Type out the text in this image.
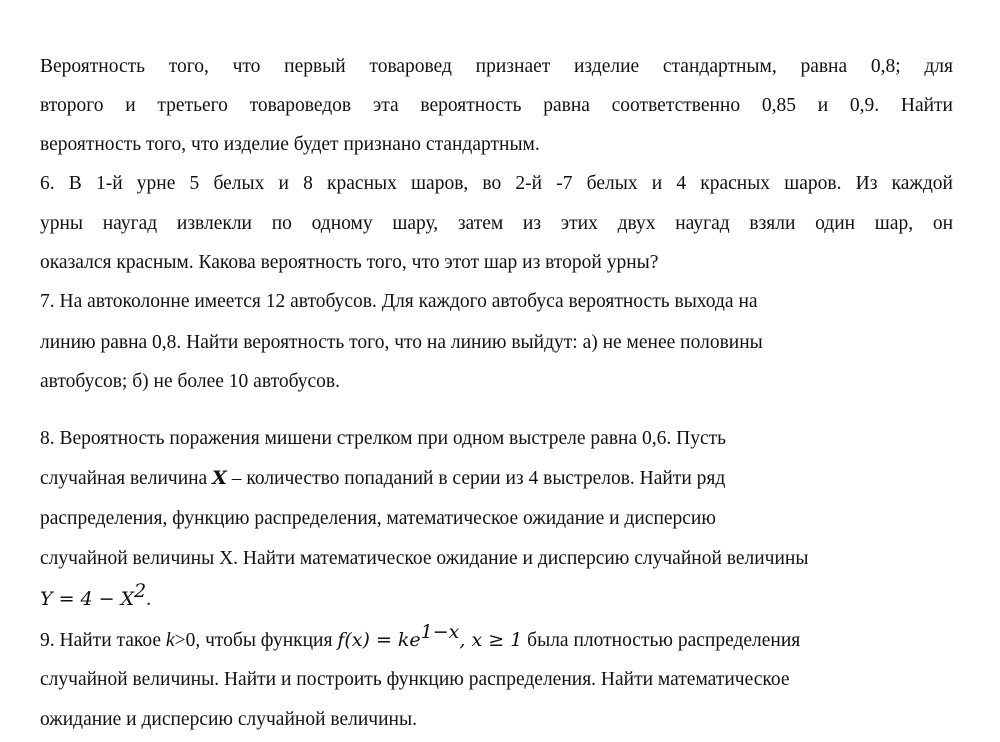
Вероятность того, что первый товаровед признает изделие стандартным, равна 0,8; для
второго и третьего товароведов эта вероятность равна соответственно 0,85 и 0,9. Найти
вероятность того, что изделие будет признано стандартным.
6. В 1-й урне 5 белых и 8 красных шаров, во 2-й -7 белых и 4 красных шаров. Из каждой
урны наугад извлекли по одному шару, затем из этих двух наугад взяли один шар, он
оказался красным. Какова вероятность того, что этот шар из второй урны?
7. На автоколонне имеется 12 автобусов. Для каждого автобуса вероятность выхода на
линию равна 0,8. Найти вероятность того, что на линию выйдут: а) не менее половины
автобусов; б) не более 10 автобусов.
8. Вероятность поражения мишени стрелком при одном выстреле равна 0,6. Пусть
случайная величина X – количество попаданий в серии из 4 выстрелов. Найти ряд
распределения, функцию распределения, математическое ожидание и дисперсию
случайной величины X. Найти математическое ожидание и дисперсию случайной величины
$Y = 4 - X^2$.
9. Найти такое k>0, чтобы функция $f(x) = ke^{1-x}$, x ≥ 1 была плотностью распределения
случайной величины. Найти и построить функцию распределения. Найти математическое
ожидание и дисперсию случайной величины.
